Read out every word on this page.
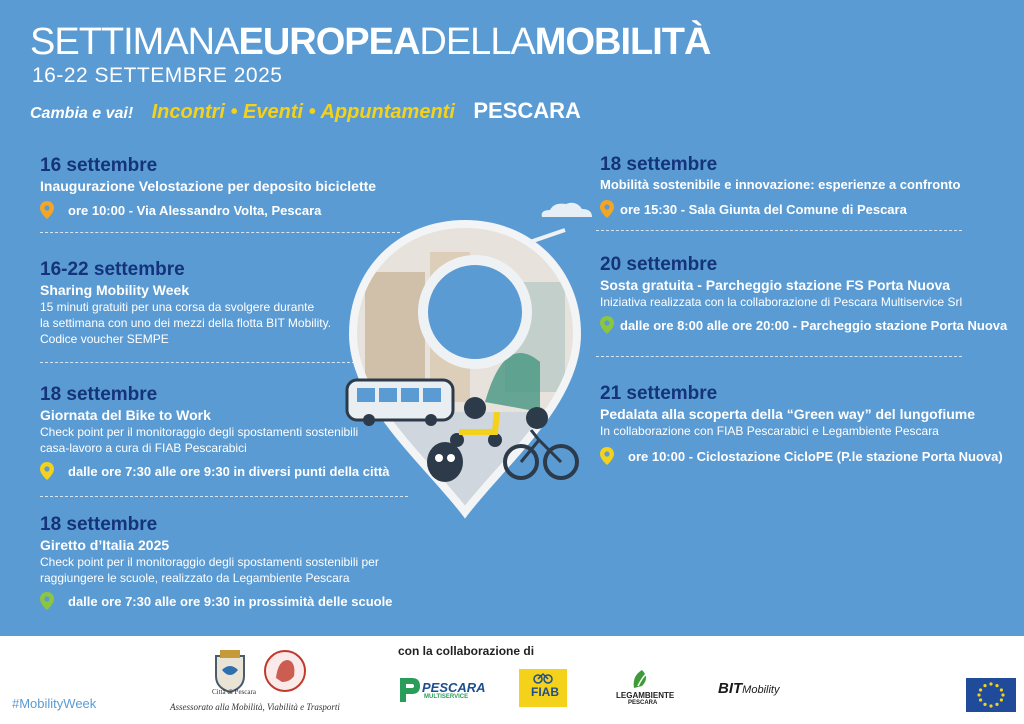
SETTIMANAEUROPEADELLAMOBILITÀ
16-22 SETTEMBRE 2025
Cambia e vai! Incontri • Eventi • Appuntamenti PESCARA
16 settembre
Inaugurazione Velostazione per deposito biciclette
ore 10:00 - Via Alessandro Volta, Pescara
16-22 settembre
Sharing Mobility Week
15 minuti gratuiti per una corsa da svolgere durante
la settimana con uno dei mezzi della flotta BIT Mobility.
Codice voucher SEMPE
18 settembre
Giornata del Bike to Work
Check point per il monitoraggio degli spostamenti sostenibili
casa-lavoro a cura di FIAB Pescarabici
dalle ore 7:30 alle ore 9:30 in diversi punti della città
18 settembre
Giretto d’Italia 2025
Check point per il monitoraggio degli spostamenti sostenibili per
raggiungere le scuole, realizzato da Legambiente Pescara
dalle ore 7:30 alle ore 9:30 in prossimità delle scuole
18 settembre
Mobilità sostenibile e innovazione: esperienze a confronto
ore 15:30 - Sala Giunta del Comune di Pescara
20 settembre
Sosta gratuita - Parcheggio stazione FS Porta Nuova
Iniziativa realizzata con la collaborazione di Pescara Multiservice Srl
dalle ore 8:00 alle ore 20:00 - Parcheggio stazione Porta Nuova
21 settembre
Pedalata alla scoperta della “Green way” del lungofiume
In collaborazione con FIAB Pescarabici e Legambiente Pescara
ore 10:00 - Ciclostazione CicloPE (P.le stazione Porta Nuova)
#MobilityWeek
Città di Pescara
Assessorato alla Mobilità, Viabilità e Trasporti
con la collaborazione di
PESCARA
MULTISERVICE	FIAB	LEGAMBIENTE
PESCARA
BITMobility
